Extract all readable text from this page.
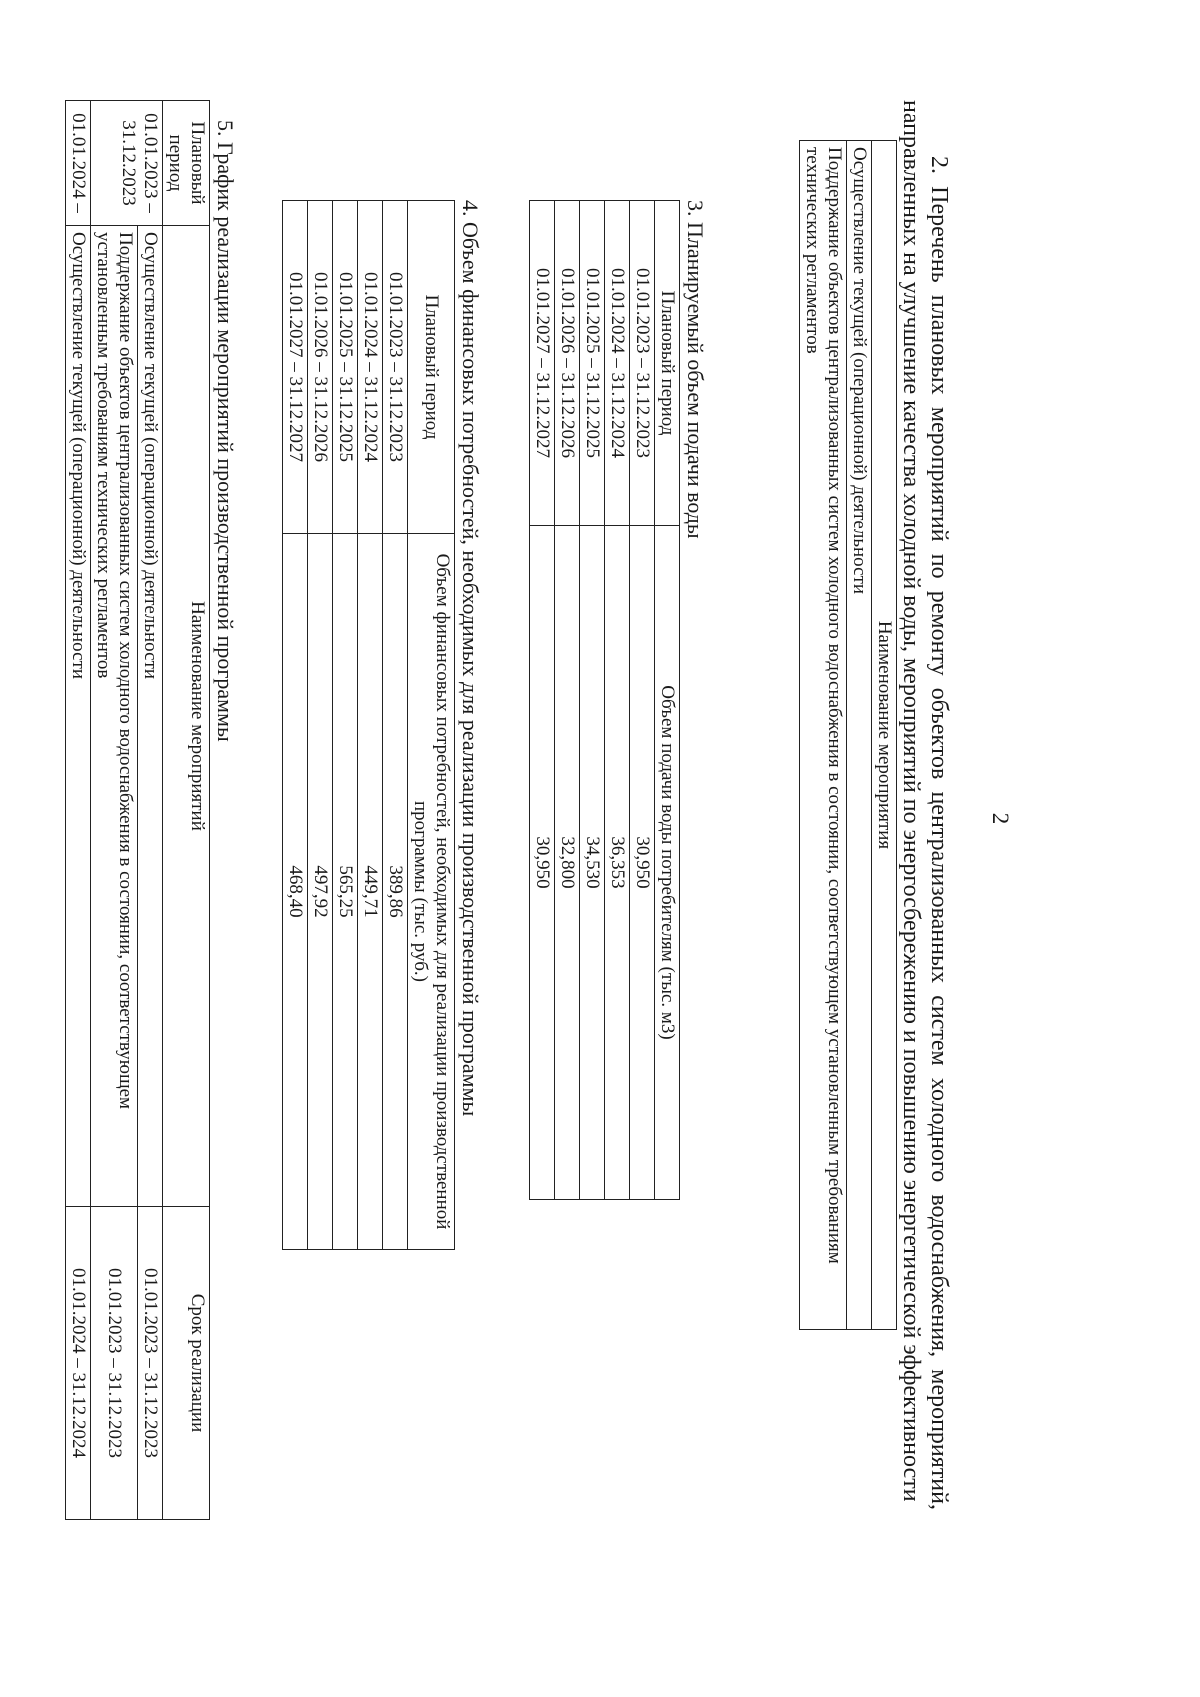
2

2. Перечень плановых мероприятий по ремонту объектов централизованных систем холодного водоснабжения, мероприятий, направленных на улучшение качества холодной воды, мероприятий по энергосбережению и повышению энергетической эффективности

Наименование мероприятия
Осуществление текущей (операционной) деятельности
Поддержание объектов централизованных систем холодного водоснабжения в состоянии, соответствующем установленным требованиям технических регламентов

3. Планируемый объем подачи воды

Плановый период	Объем подачи воды потребителям (тыс. м3)
01.01.2023 – 31.12.2023	30,950
01.01.2024 – 31.12.2024	36,353
01.01.2025 – 31.12.2025	34,530
01.01.2026 – 31.12.2026	32,800
01.01.2027 – 31.12.2027	30,950

4. Объем финансовых потребностей, необходимых для реализации производственной программы

Плановый период	Объем финансовых потребностей, необходимых для реализации производственной программы (тыс. руб.)
01.01.2023 – 31.12.2023	389,86
01.01.2024 – 31.12.2024	449,71
01.01.2025 – 31.12.2025	565,25
01.01.2026 – 31.12.2026	497,92
01.01.2027 – 31.12.2027	468,40

5. График реализации мероприятий производственной программы

Плановый период	Наименование мероприятий	Срок реализации
01.01.2023 – 31.12.2023	Осуществление текущей (операционной) деятельности	01.01.2023 – 31.12.2023
	Поддержание объектов централизованных систем холодного водоснабжения в состоянии, соответствующем установленным требованиям технических регламентов	01.01.2023 – 31.12.2023
01.01.2024 –	Осуществление текущей (операционной) деятельности	01.01.2024 – 31.12.2024
